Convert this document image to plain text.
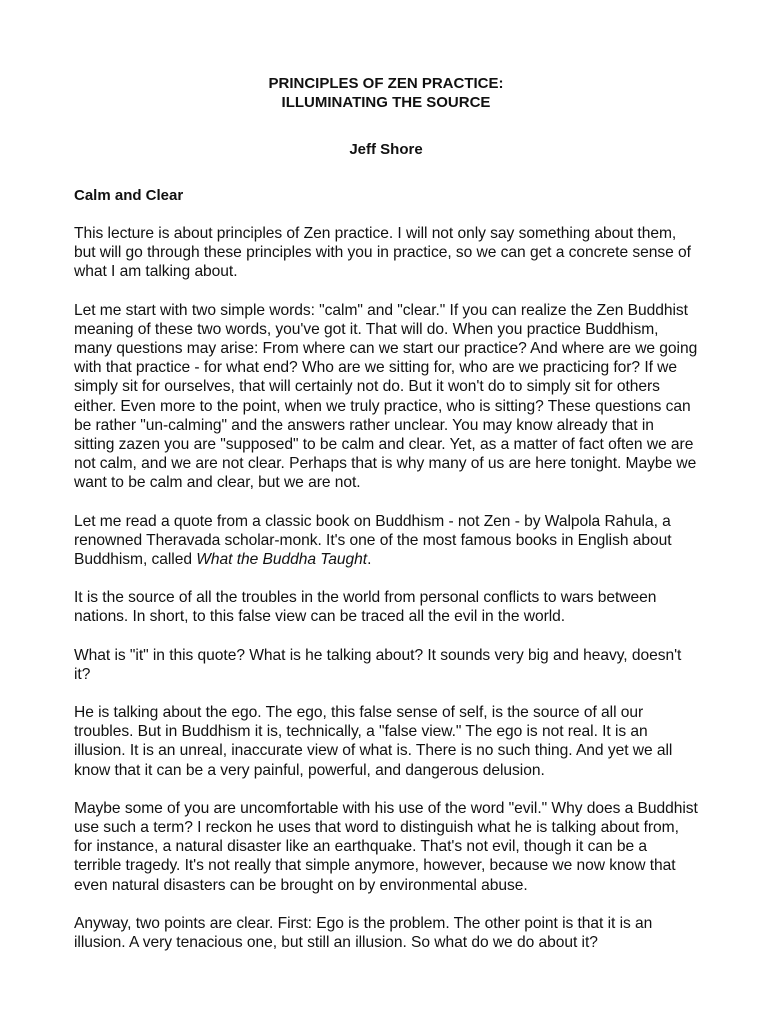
PRINCIPLES OF ZEN PRACTICE:
ILLUMINATING THE SOURCE

Jeff Shore

Calm and Clear

This lecture is about principles of Zen practice. I will not only say something about them, but will go through these principles with you in practice, so we can get a concrete sense of what I am talking about.

Let me start with two simple words: "calm" and "clear." If you can realize the Zen Buddhist meaning of these two words, you've got it. That will do. When you practice Buddhism, many questions may arise: From where can we start our practice? And where are we going with that practice - for what end? Who are we sitting for, who are we practicing for? If we simply sit for ourselves, that will certainly not do. But it won't do to simply sit for others either. Even more to the point, when we truly practice, who is sitting? These questions can be rather "un-calming" and the answers rather unclear. You may know already that in sitting zazen you are "supposed" to be calm and clear. Yet, as a matter of fact often we are not calm, and we are not clear. Perhaps that is why many of us are here tonight. Maybe we want to be calm and clear, but we are not.

Let me read a quote from a classic book on Buddhism - not Zen - by Walpola Rahula, a renowned Theravada scholar-monk. It's one of the most famous books in English about Buddhism, called What the Buddha Taught.

It is the source of all the troubles in the world from personal conflicts to wars between nations. In short, to this false view can be traced all the evil in the world.

What is "it" in this quote? What is he talking about? It sounds very big and heavy, doesn't it?

He is talking about the ego. The ego, this false sense of self, is the source of all our troubles. But in Buddhism it is, technically, a "false view." The ego is not real. It is an illusion. It is an unreal, inaccurate view of what is. There is no such thing. And yet we all know that it can be a very painful, powerful, and dangerous delusion.

Maybe some of you are uncomfortable with his use of the word "evil." Why does a Buddhist use such a term? I reckon he uses that word to distinguish what he is talking about from, for instance, a natural disaster like an earthquake. That's not evil, though it can be a terrible tragedy. It's not really that simple anymore, however, because we now know that even natural disasters can be brought on by environmental abuse.

Anyway, two points are clear. First: Ego is the problem. The other point is that it is an illusion. A very tenacious one, but still an illusion. So what do we do about it?
